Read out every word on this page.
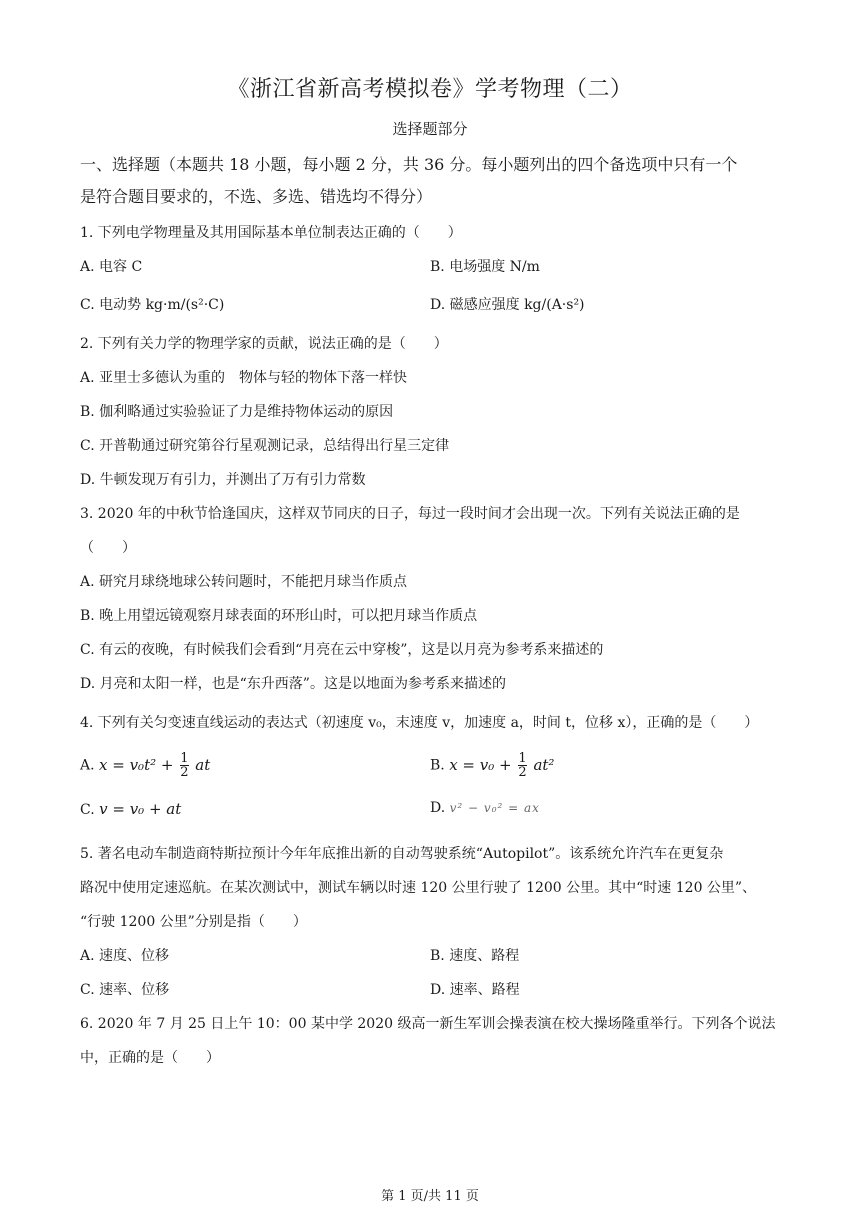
《浙江省新高考模拟卷》学考物理（二）
选择题部分
一、选择题（本题共 18 小题，每小题 2 分，共 36 分。每小题列出的四个备选项中只有一个
是符合题目要求的，不选、多选、错选均不得分）
1. 下列电学物理量及其用国际基本单位制表达正确的（　　）
A. 电容 C	B. 电场强度 N/m
C. 电动势 kg·m/(s²·C)	D. 磁感应强度 kg/(A·s²)
2. 下列有关力学的物理学家的贡献，说法正确的是（　　）
A. 亚里士多德认为重的　物体与轻的物体下落一样快
B. 伽利略通过实验验证了力是维持物体运动的原因
C. 开普勒通过研究第谷行星观测记录，总结得出行星三定律
D. 牛顿发现万有引力，并测出了万有引力常数
3. 2020 年的中秋节恰逢国庆，这样双节同庆的日子，每过一段时间才会出现一次。下列有关说法正确的是
（　　）
A. 研究月球绕地球公转问题时，不能把月球当作质点
B. 晚上用望远镜观察月球表面的环形山时，可以把月球当作质点
C. 有云的夜晚，有时候我们会看到“月亮在云中穿梭”，这是以月亮为参考系来描述的
D. 月亮和太阳一样，也是“东升西落”。这是以地面为参考系来描述的
4. 下列有关匀变速直线运动的表达式（初速度 v₀，末速度 v，加速度 a，时间 t，位移 x），正确的是（　　）
A. $x = v_0t^2 + \frac{1}{2}$ at	B. $x = v_0 + \frac{1}{2} at^2$
C. v = v₀ + at	D. v² − v₀² = ax
5. 著名电动车制造商特斯拉预计今年年底推出新的自动驾驶系统“Autopilot”。该系统允许汽车在更复杂
路况中使用定速巡航。在某次测试中，测试车辆以时速 120 公里行驶了 1200 公里。其中“时速 120 公里”、
“行驶 1200 公里”分别是指（　　）
A. 速度、位移	B. 速度、路程
C. 速率、位移	D. 速率、路程
6. 2020 年 7 月 25 日上午 10：00 某中学 2020 级高一新生军训会操表演在校大操场隆重举行。下列各个说法
中，正确的是（　　）
第 1 页/共 11 页
